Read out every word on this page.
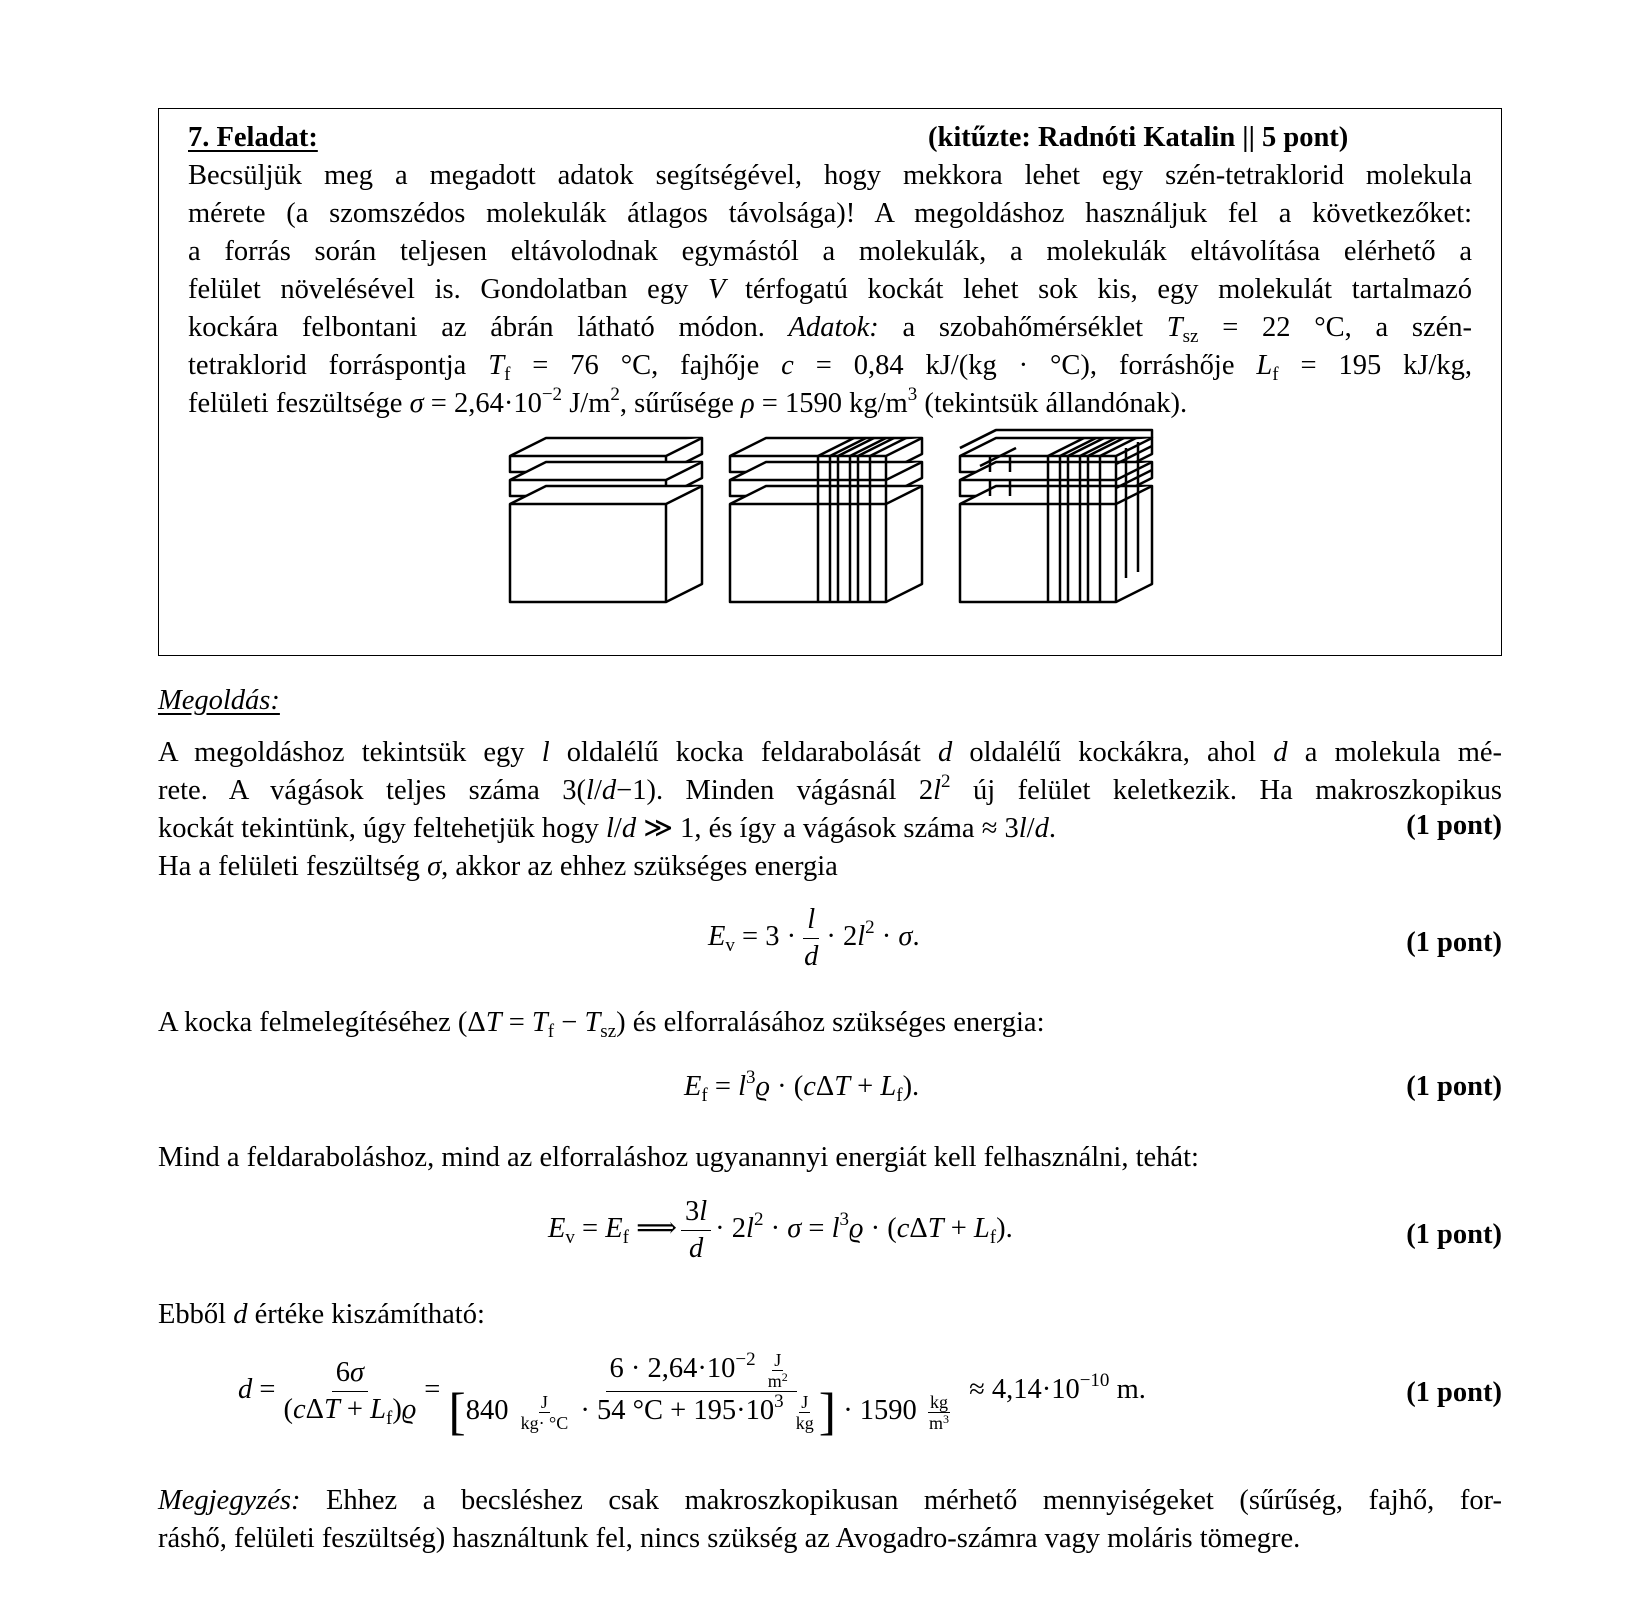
7. Feladat:	(kitűzte: Radnóti Katalin || 5 pont)
Becsüljük meg a megadott adatok segítségével, hogy mekkora lehet egy szén-tetraklorid molekula
mérete (a szomszédos molekulák átlagos távolsága)! A megoldáshoz használjuk fel a következőket:
a forrás során teljesen eltávolodnak egymástól a molekulák, a molekulák eltávolítása elérhető a
felület növelésével is. Gondolatban egy V térfogatú kockát lehet sok kis, egy molekulát tartalmazó
kockára felbontani az ábrán látható módon. Adatok: a szobahőmérséklet $T_{sz} = 22$ °C, a szén-
tetraklorid forráspontja $T_f = 76$ °C, fajhője c = 0,84 kJ/(kg · °C), forráshője $L_f = 195$ kJ/kg,
felületi feszültsége $\sigma = 2,64\cdot 10^{-2}$ $J/m^2$, sűrűsége ρ = 1590 $kg/m^3$ (tekintsük állandónak).
Megoldás:
A megoldáshoz tekintsük egy l oldalélű kocka feldarabolását d oldalélű kockákra, ahol d a molekula mé-
rete. A vágások teljes száma 3(l/d−1). Minden vágásnál $2l^2$ új felület keletkezik. Ha makroszkopikus
kockát tekintünk, úgy feltehetjük hogy l/d ≫ 1, és így a vágások száma ≈ 3l/d.	(1 pont)
Ha a felületi feszültség σ, akkor az ehhez szükséges energia
$E_v = 3 \cdot \frac{l}{d} \cdot 2l^2 \cdot \sigma$.	(1 pont)
A kocka felmelegítéséhez $(\Delta T = T_f - T_{sz})$ és elforralásához szükséges energia:
$E_f = l^3ϱ \cdot (c\Delta T + L_f)$.	(1 pont)
Mind a feldaraboláshoz, mind az elforraláshoz ugyanannyi energiát kell felhasználni, tehát:
$E_v = E_f$ ⟹ $\frac{3l}{d} \cdot 2l^2 \cdot \sigma = l^3ϱ \cdot (c\Delta T + L_f)$.	(1 pont)
Ebből d értéke kiszámítható:
$d = \frac{6\sigma}{(c\Delta T + L_f)ϱ} = \frac{6 \cdot 2,64\cdot 10^{-2} \frac{J}{m^2}}{[840 \frac{J}{kg\cdot ^\circ C} \cdot 54 ^\circ C + 195\cdot 10^3 \frac{J}{kg} ] \cdot 1590 \frac{kg}{m^3}} \approx 4,14\cdot 10^{-10}$ m.	(1 pont)
Megjegyzés: Ehhez a becsléshez csak makroszkopikusan mérhető mennyiségeket (sűrűség, fajhő, for-
ráshő, felületi feszültség) használtunk fel, nincs szükség az Avogadro-számra vagy moláris tömegre.
